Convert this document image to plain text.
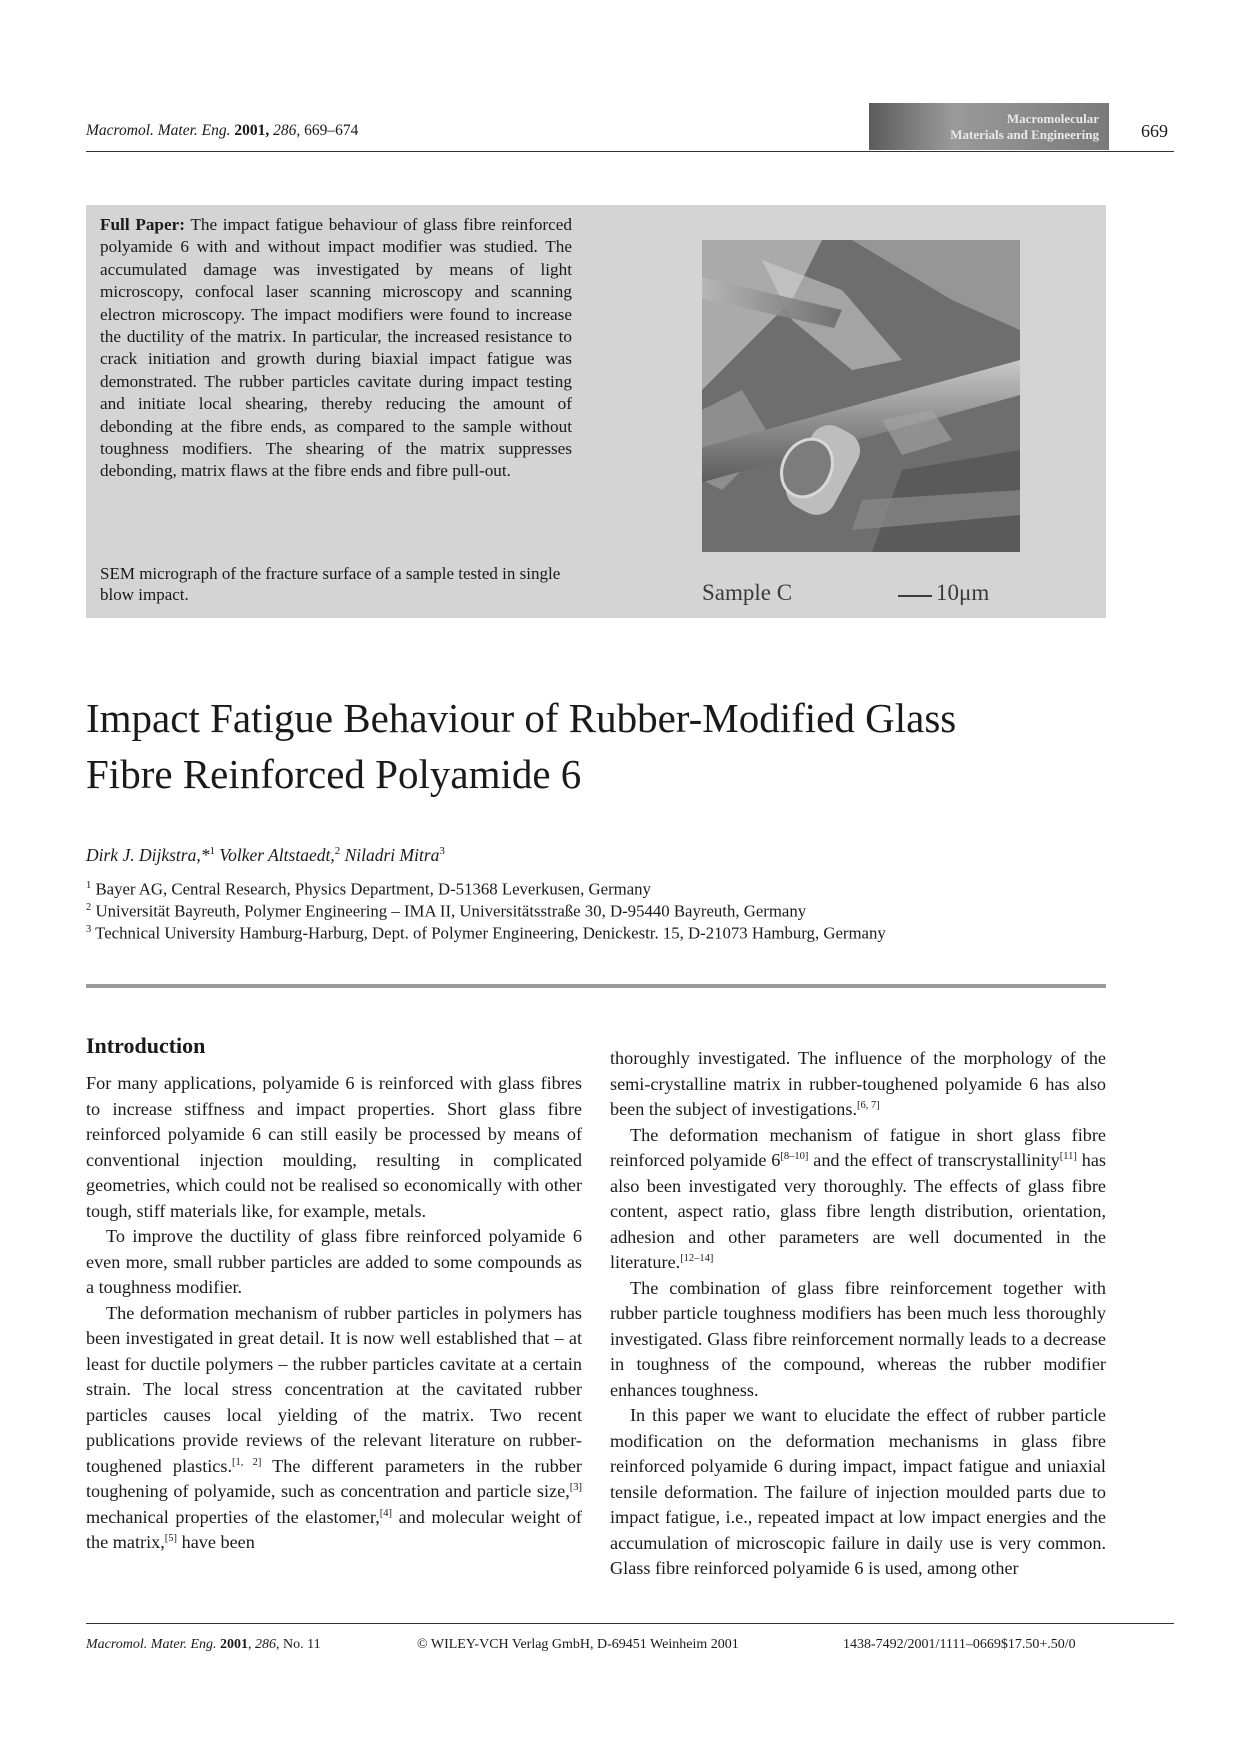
Macromol. Mater. Eng. 2001, 286, 669–674
Macromolecular
Materials and Engineering 669
Full Paper: The impact fatigue behaviour of glass fibre reinforced polyamide 6 with and without impact modifier was studied. The accumulated damage was investigated by means of light microscopy, confocal laser scanning microscopy and scanning electron microscopy. The impact modifiers were found to increase the ductility of the matrix. In particular, the increased resistance to crack initiation and growth during biaxial impact fatigue was demonstrated. The rubber particles cavitate during impact testing and initiate local shearing, thereby reducing the amount of debonding at the fibre ends, as compared to the sample without toughness modifiers. The shearing of the matrix suppresses debonding, matrix flaws at the fibre ends and fibre pull-out.
SEM micrograph of the fracture surface of a sample tested in single blow impact.	Sample C	10μm
Impact Fatigue Behaviour of Rubber-Modified Glass
Fibre Reinforced Polyamide 6
Dirk J. Dijkstra,*$^1$ Volker Altstaedt,$^2$ Niladri Mitra$^3$
$^1$ Bayer AG, Central Research, Physics Department, D-51368 Leverkusen, Germany
$^2$ Universität Bayreuth, Polymer Engineering – IMA II, Universitätsstraße 30, D-95440 Bayreuth, Germany
$^3$ Technical University Hamburg-Harburg, Dept. of Polymer Engineering, Denickestr. 15, D-21073 Hamburg, Germany
Introduction

For many applications, polyamide 6 is reinforced with glass fibres to increase stiffness and impact properties. Short glass fibre reinforced polyamide 6 can still easily be processed by means of conventional injection moulding, resulting in complicated geometries, which could not be realised so economically with other tough, stiff materials like, for example, metals.

To improve the ductility of glass fibre reinforced polyamide 6 even more, small rubber particles are added to some compounds as a toughness modifier.

The deformation mechanism of rubber particles in polymers has been investigated in great detail. It is now well established that – at least for ductile polymers – the rubber particles cavitate at a certain strain. The local stress concentration at the cavitated rubber particles causes local yielding of the matrix. Two recent publications provide reviews of the relevant literature on rubber-toughened plastics.[1, 2] The different parameters in the rubber toughening of polyamide, such as concentration and particle size,[3] mechanical properties of the elastomer,[4] and molecular weight of the matrix,[5] have been

thoroughly investigated. The influence of the morphology of the semi-crystalline matrix in rubber-toughened polyamide 6 has also been the subject of investigations.[6, 7]

The deformation mechanism of fatigue in short glass fibre reinforced polyamide 6[8–10] and the effect of transcrystallinity[11] has also been investigated very thoroughly. The effects of glass fibre content, aspect ratio, glass fibre length distribution, orientation, adhesion and other parameters are well documented in the literature.[12–14]

The combination of glass fibre reinforcement together with rubber particle toughness modifiers has been much less thoroughly investigated. Glass fibre reinforcement normally leads to a decrease in toughness of the compound, whereas the rubber modifier enhances toughness.

In this paper we want to elucidate the effect of rubber particle modification on the deformation mechanisms in glass fibre reinforced polyamide 6 during impact, impact fatigue and uniaxial tensile deformation. The failure of injection moulded parts due to impact fatigue, i.e., repeated impact at low impact energies and the accumulation of microscopic failure in daily use is very common. Glass fibre reinforced polyamide 6 is used, among other

Macromol. Mater. Eng. 2001, 286, No. 11	© WILEY-VCH Verlag GmbH, D-69451 Weinheim 2001	1438-7492/2001/1111–0669$17.50+.50/0
